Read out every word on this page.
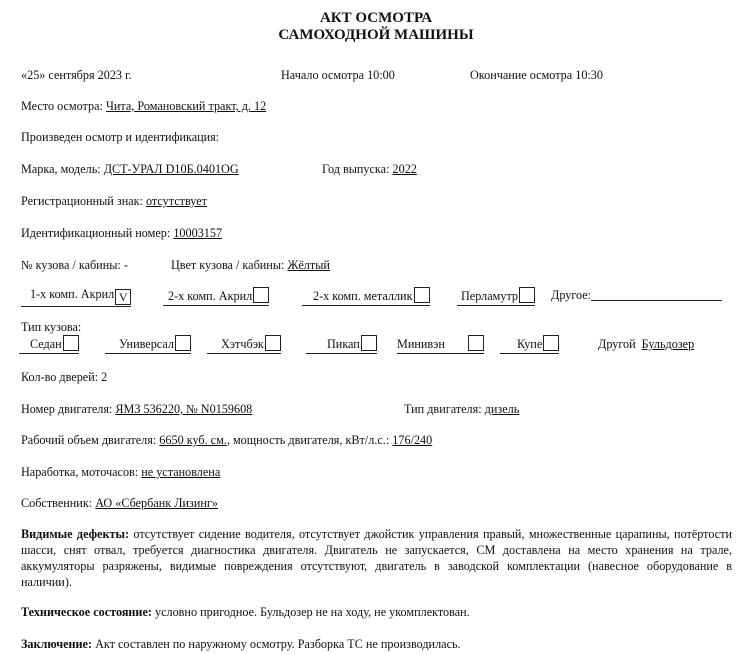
АКТ ОСМОТРА
САМОХОДНОЙ МАШИНЫ
«25» сентября 2023 г.	Начало осмотра 10:00	Окончание осмотра 10:30
Место осмотра: Чита, Романовский тракт, д. 12
Произведен осмотр и идентификация:
Марка, модель: ДСТ-УРАЛ D10Б.0401OG	Год выпуска: 2022
Регистрационный знак: отсутствует
Идентификационный номер: 10003157
№ кузова / кабины: -	Цвет кузова / кабины: Жёлтый
1-х комп. Акрил V	2-х комп. Акрил	2-х комп. металлик	Перламутр	Другое:
Тип кузова:
Седан	Универсал	Хэтчбэк	Пикап	Минивэн	Купе	Другой Бульдозер
Кол-во дверей: 2
Номер двигателя: ЯМЗ 536220, № N0159608	Тип двигателя: дизель
Рабочий объем двигателя: 6650 куб. см., мощность двигателя, кВт/л.с.: 176/240
Наработка, моточасов: не установлена
Собственник: АО «Сбербанк Лизинг»
Видимые дефекты: отсутствует сидение водителя, отсутствует джойстик управления правый, множественные царапины, потёртости шасси, снят отвал, требуется диагностика двигателя. Двигатель не запускается, СМ доставлена на место хранения на трале, аккумуляторы разряжены, видимые повреждения отсутствуют, двигатель в заводской комплектации (навесное оборудование в наличии).
Техническое состояние: условно пригодное. Бульдозер не на ходу, не укомплектован.
Заключение: Акт составлен по наружному осмотру. Разборка ТС не производилась.
